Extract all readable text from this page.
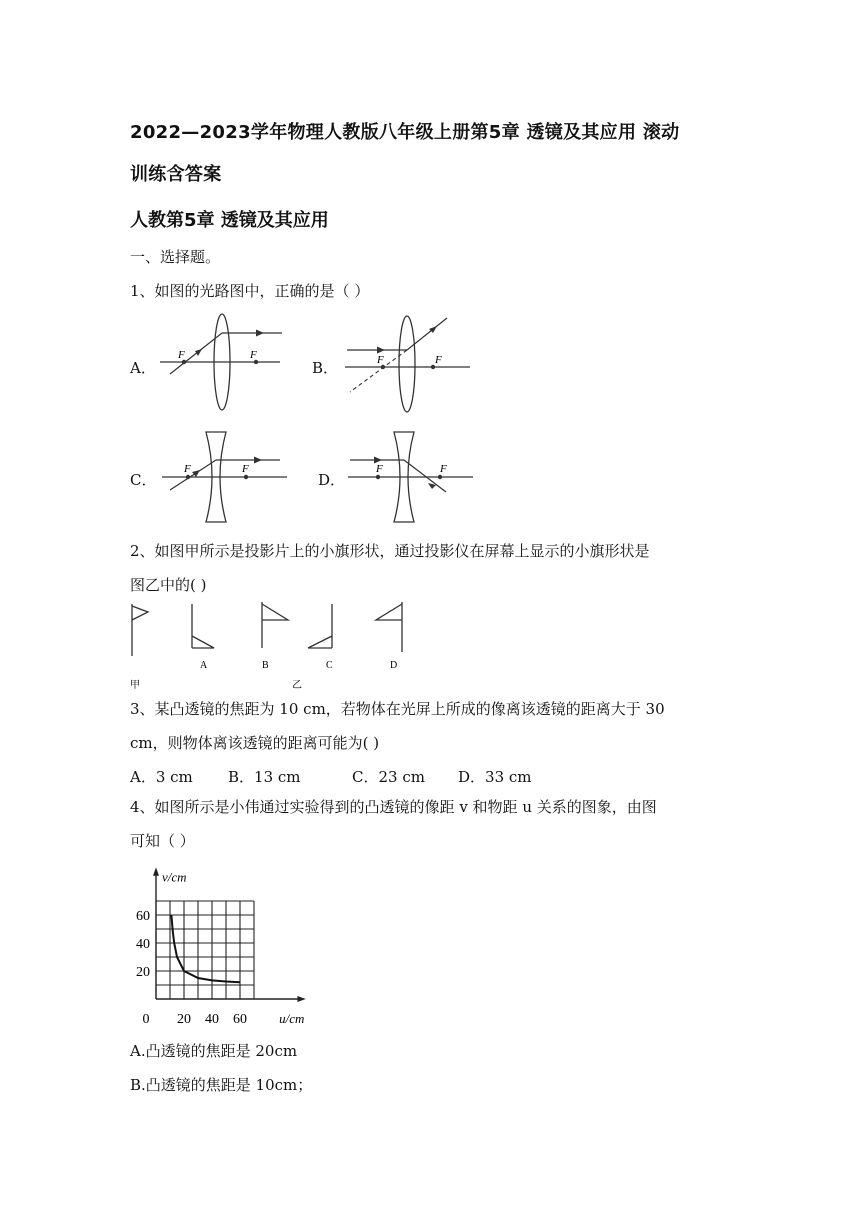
2022—2023学年物理人教版八年级上册第5章 透镜及其应用 滚动
训练含答案
人教第5章 透镜及其应用
一、选择题。
1、如图的光路图中，正确的是（ ）
A．
F	F
B．	F	F
C．
F	F
D．
F	F
2、如图甲所示是投影片上的小旗形状，通过投影仪在屏幕上显示的小旗形状是
图乙中的( )
A	B	C	D
甲	乙
3、某凸透镜的焦距为 10 cm，若物体在光屏上所成的像离该透镜的距离大于 30
cm，则物体离该透镜的距离可能为( )
A．3 cm B．13 cm	C．23 cm D．33 cm
4、如图所示是小伟通过实验得到的凸透镜的像距 v 和物距 u 关系的图象，由图
可知（ ）
20
40
60
0 20 40 60
v/cm
u/cm
A.凸透镜的焦距是 20cm
B.凸透镜的焦距是 10cm；
